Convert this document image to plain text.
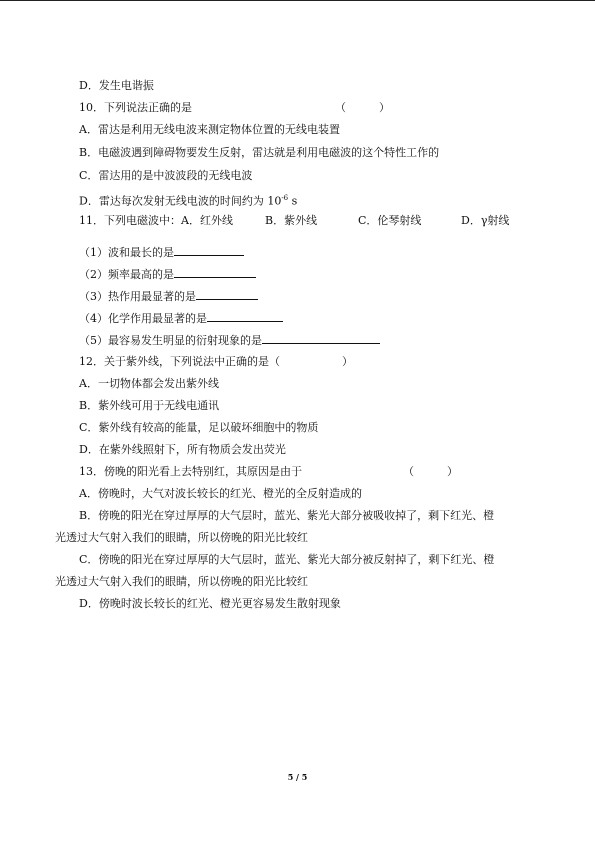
D．发生电谐振
10．下列说法正确的是	（　　　）
A．雷达是利用无线电波来测定物体位置的无线电装置
B．电磁波遇到障碍物要发生反射，雷达就是利用电磁波的这个特性工作的
C．雷达用的是中波波段的无线电波
D．雷达每次发射无线电波的时间约为 $10^{-6}$ s
11．下列电磁波中：A．红外线	B．紫外线	C．伦琴射线	D．γ射线
（1）波和最长的是
（2）频率最高的是
（3）热作用最显著的是
（4）化学作用最显著的是
（5）最容易发生明显的衍射现象的是
12．关于紫外线，下列说法中正确的是（	）
A．一切物体都会发出紫外线
B．紫外线可用于无线电通讯
C．紫外线有较高的能量，足以破坏细胞中的物质
D．在紫外线照射下，所有物质会发出荧光
13．傍晚的阳光看上去特别红，其原因是由于	（　　　）
A．傍晚时，大气对波长较长的红光、橙光的全反射造成的
B．傍晚的阳光在穿过厚厚的大气层时，蓝光、紫光大部分被吸收掉了，剩下红光、橙
光透过大气射入我们的眼睛，所以傍晚的阳光比较红
C．傍晚的阳光在穿过厚厚的大气层时，蓝光、紫光大部分被反射掉了，剩下红光、橙
光透过大气射入我们的眼睛，所以傍晚的阳光比较红
D．傍晚时波长较长的红光、橙光更容易发生散射现象
5 / 5
